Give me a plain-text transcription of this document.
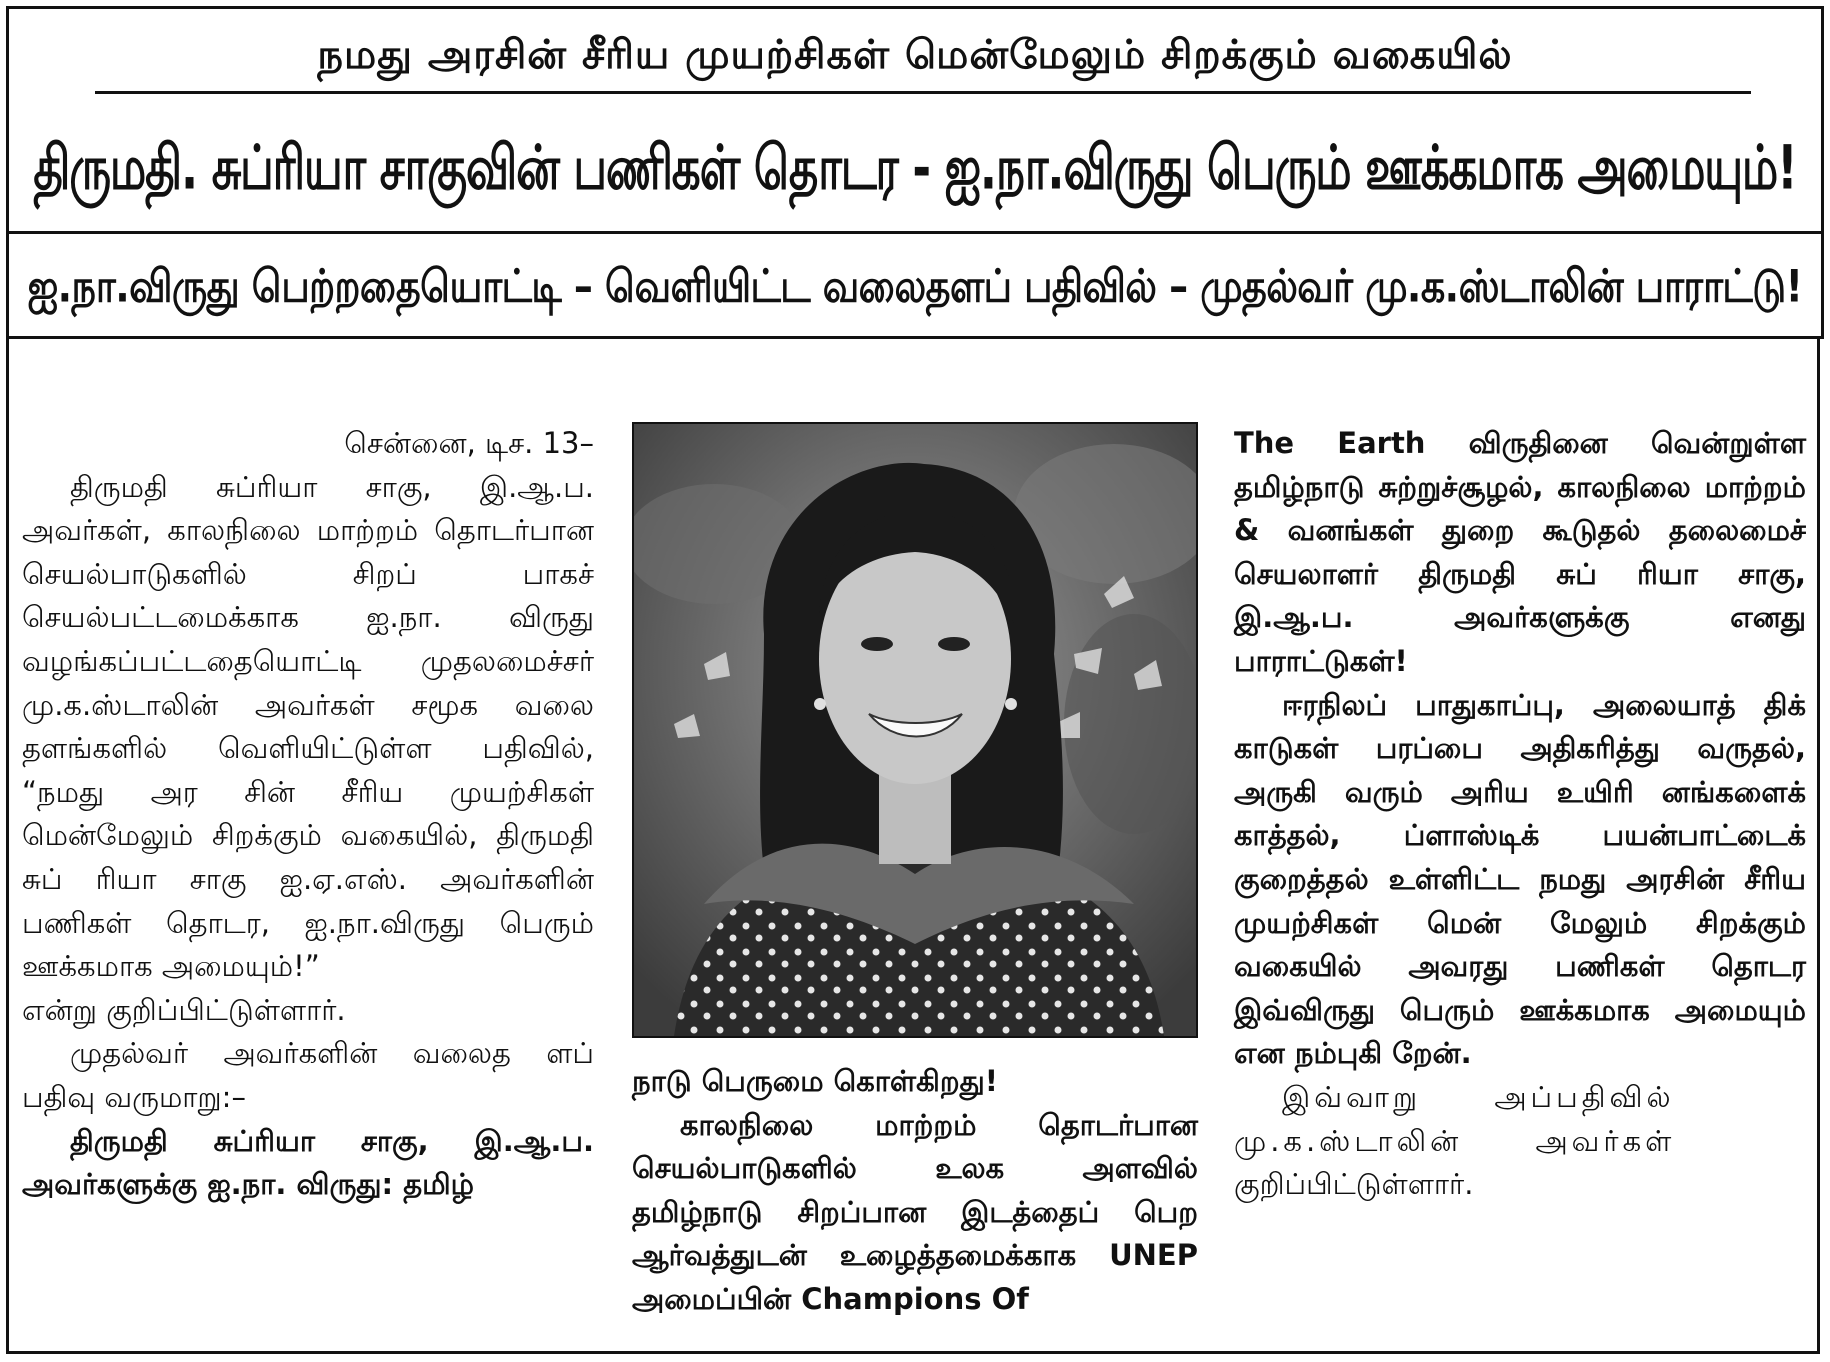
நமது அரசின் சீரிய முயற்சிகள் மென்மேலும் சிறக்கும் வகையில்
திருமதி. சுப்ரியா சாகுவின் பணிகள் தொடர - ஐ.நா.விருது பெரும் ஊக்கமாக அமையும்!
ஐ.நா.விருது பெற்றதையொட்டி – வெளியிட்ட வலைதளப் பதிவில் – முதல்வர் மு.க.ஸ்டாலின் பாராட்டு!

சென்னை, டிச. 13–

திருமதி சுப்ரியா சாகு, இ.ஆ.ப. அவர்கள், காலநிலை மாற்றம் தொடர்பான செயல்பாடுகளில் சிறப் பாகச் செயல்பட்டமைக்காக ஐ.நா. விருது வழங்கப்பட்டதையொட்டி முதலமைச்சர் மு.க.ஸ்டாலின் அவர்கள் சமூக வலை தளங்களில் வெளியிட்டுள்ள பதிவில், “நமது அர சின் சீரிய முயற்சிகள் மென்மேலும் சிறக்கும் வகையில், திருமதி சுப் ரியா சாகு ஐ.ஏ.எஸ். அவர்களின் பணிகள் தொடர, ஐ.நா.விருது பெரும் ஊக்கமாக அமையும்!”

என்று குறிப்பிட்டுள்ளார்.

முதல்வர் அவர்களின் வலைத ளப் பதிவு வருமாறு:–

திருமதி சுப்ரியா சாகு, இ.ஆ.ப. அவர்களுக்கு ஐ.நா. விருது: தமிழ்

நாடு பெருமை கொள்கிறது!

காலநிலை மாற்றம் தொடர்பான செயல்பாடுகளில் உலக அளவில் தமிழ்நாடு சிறப்பான இடத்தைப் பெற ஆர்வத்துடன் உழைத்தமைக்காக UNEP அமைப்பின் Champions Of

The Earth விருதினை வென்றுள்ள தமிழ்நாடு சுற்றுச்சூழல், காலநிலை மாற்றம் & வனங்கள் துறை கூடுதல் தலைமைச் செயலாளர் திருமதி சுப் ரியா சாகு, இ.ஆ.ப. அவர்களுக்கு எனது பாராட்டுகள்!

ஈரநிலப் பாதுகாப்பு, அலையாத் திக் காடுகள் பரப்பை அதிகரித்து வருதல், அருகி வரும் அரிய உயிரி னங்களைக் காத்தல், ப்ளாஸ்டிக் பயன்பாட்டைக் குறைத்தல் உள்ளிட்ட நமது அரசின் சீரிய முயற்சிகள் மென் மேலும் சிறக்கும் வகையில் அவரது பணிகள் தொடர இவ்விருது பெரும் ஊக்கமாக அமையும் என நம்புகி றேன்.

இவ்வாறு அப்பதிவில்

மு.க.ஸ்டாலின் அவர்கள்

குறிப்பிட்டுள்ளார்.
